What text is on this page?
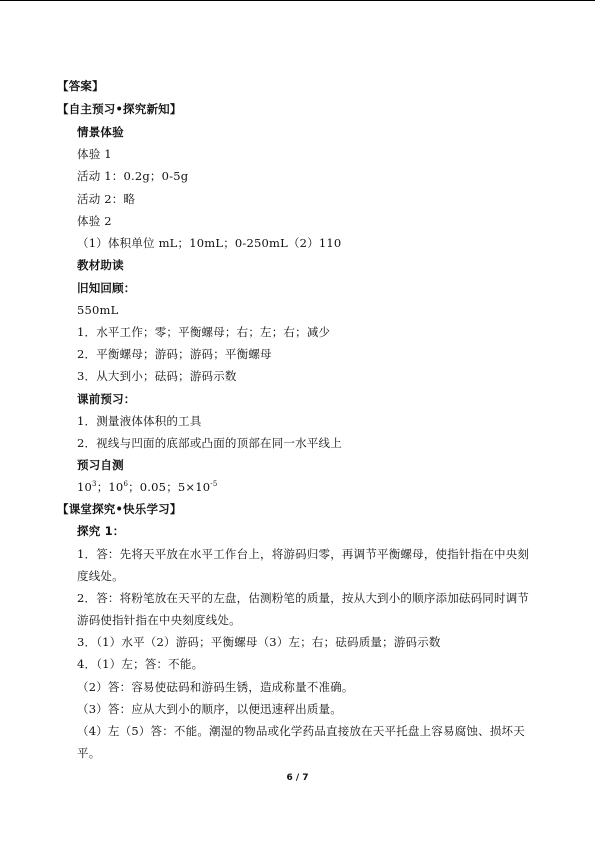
【答案】
【自主预习•探究新知】
情景体验
体验 1
活动 1：0.2g；0-5g
活动 2：略
体验 2
（1）体积单位 mL；10mL；0-250mL（2）110
教材助读
旧知回顾：
550mL
1．水平工作；零；平衡螺母；右；左；右；减少
2．平衡螺母；游码；游码；平衡螺母
3．从大到小；砝码；游码示数
课前预习：
1．测量液体体积的工具
2．视线与凹面的底部或凸面的顶部在同一水平线上
预习自测
$10^3$；$10^6$；0.05；$5\times 10^{-5}$
【课堂探究•快乐学习】
探究 1：
1．答：先将天平放在水平工作台上，将游码归零，再调节平衡螺母，使指针指在中央刻
度线处。
2．答：将粉笔放在天平的左盘，估测粉笔的质量，按从大到小的顺序添加砝码同时调节
游码使指针指在中央刻度线处。
3．（1）水平（2）游码；平衡螺母（3）左；右；砝码质量；游码示数
4．（1）左；答：不能。
（2）答：容易使砝码和游码生锈，造成称量不准确。
（3）答：应从大到小的顺序，以便迅速秤出质量。
（4）左（5）答：不能。潮湿的物品或化学药品直接放在天平托盘上容易腐蚀、损坏天
平。
6 / 7
